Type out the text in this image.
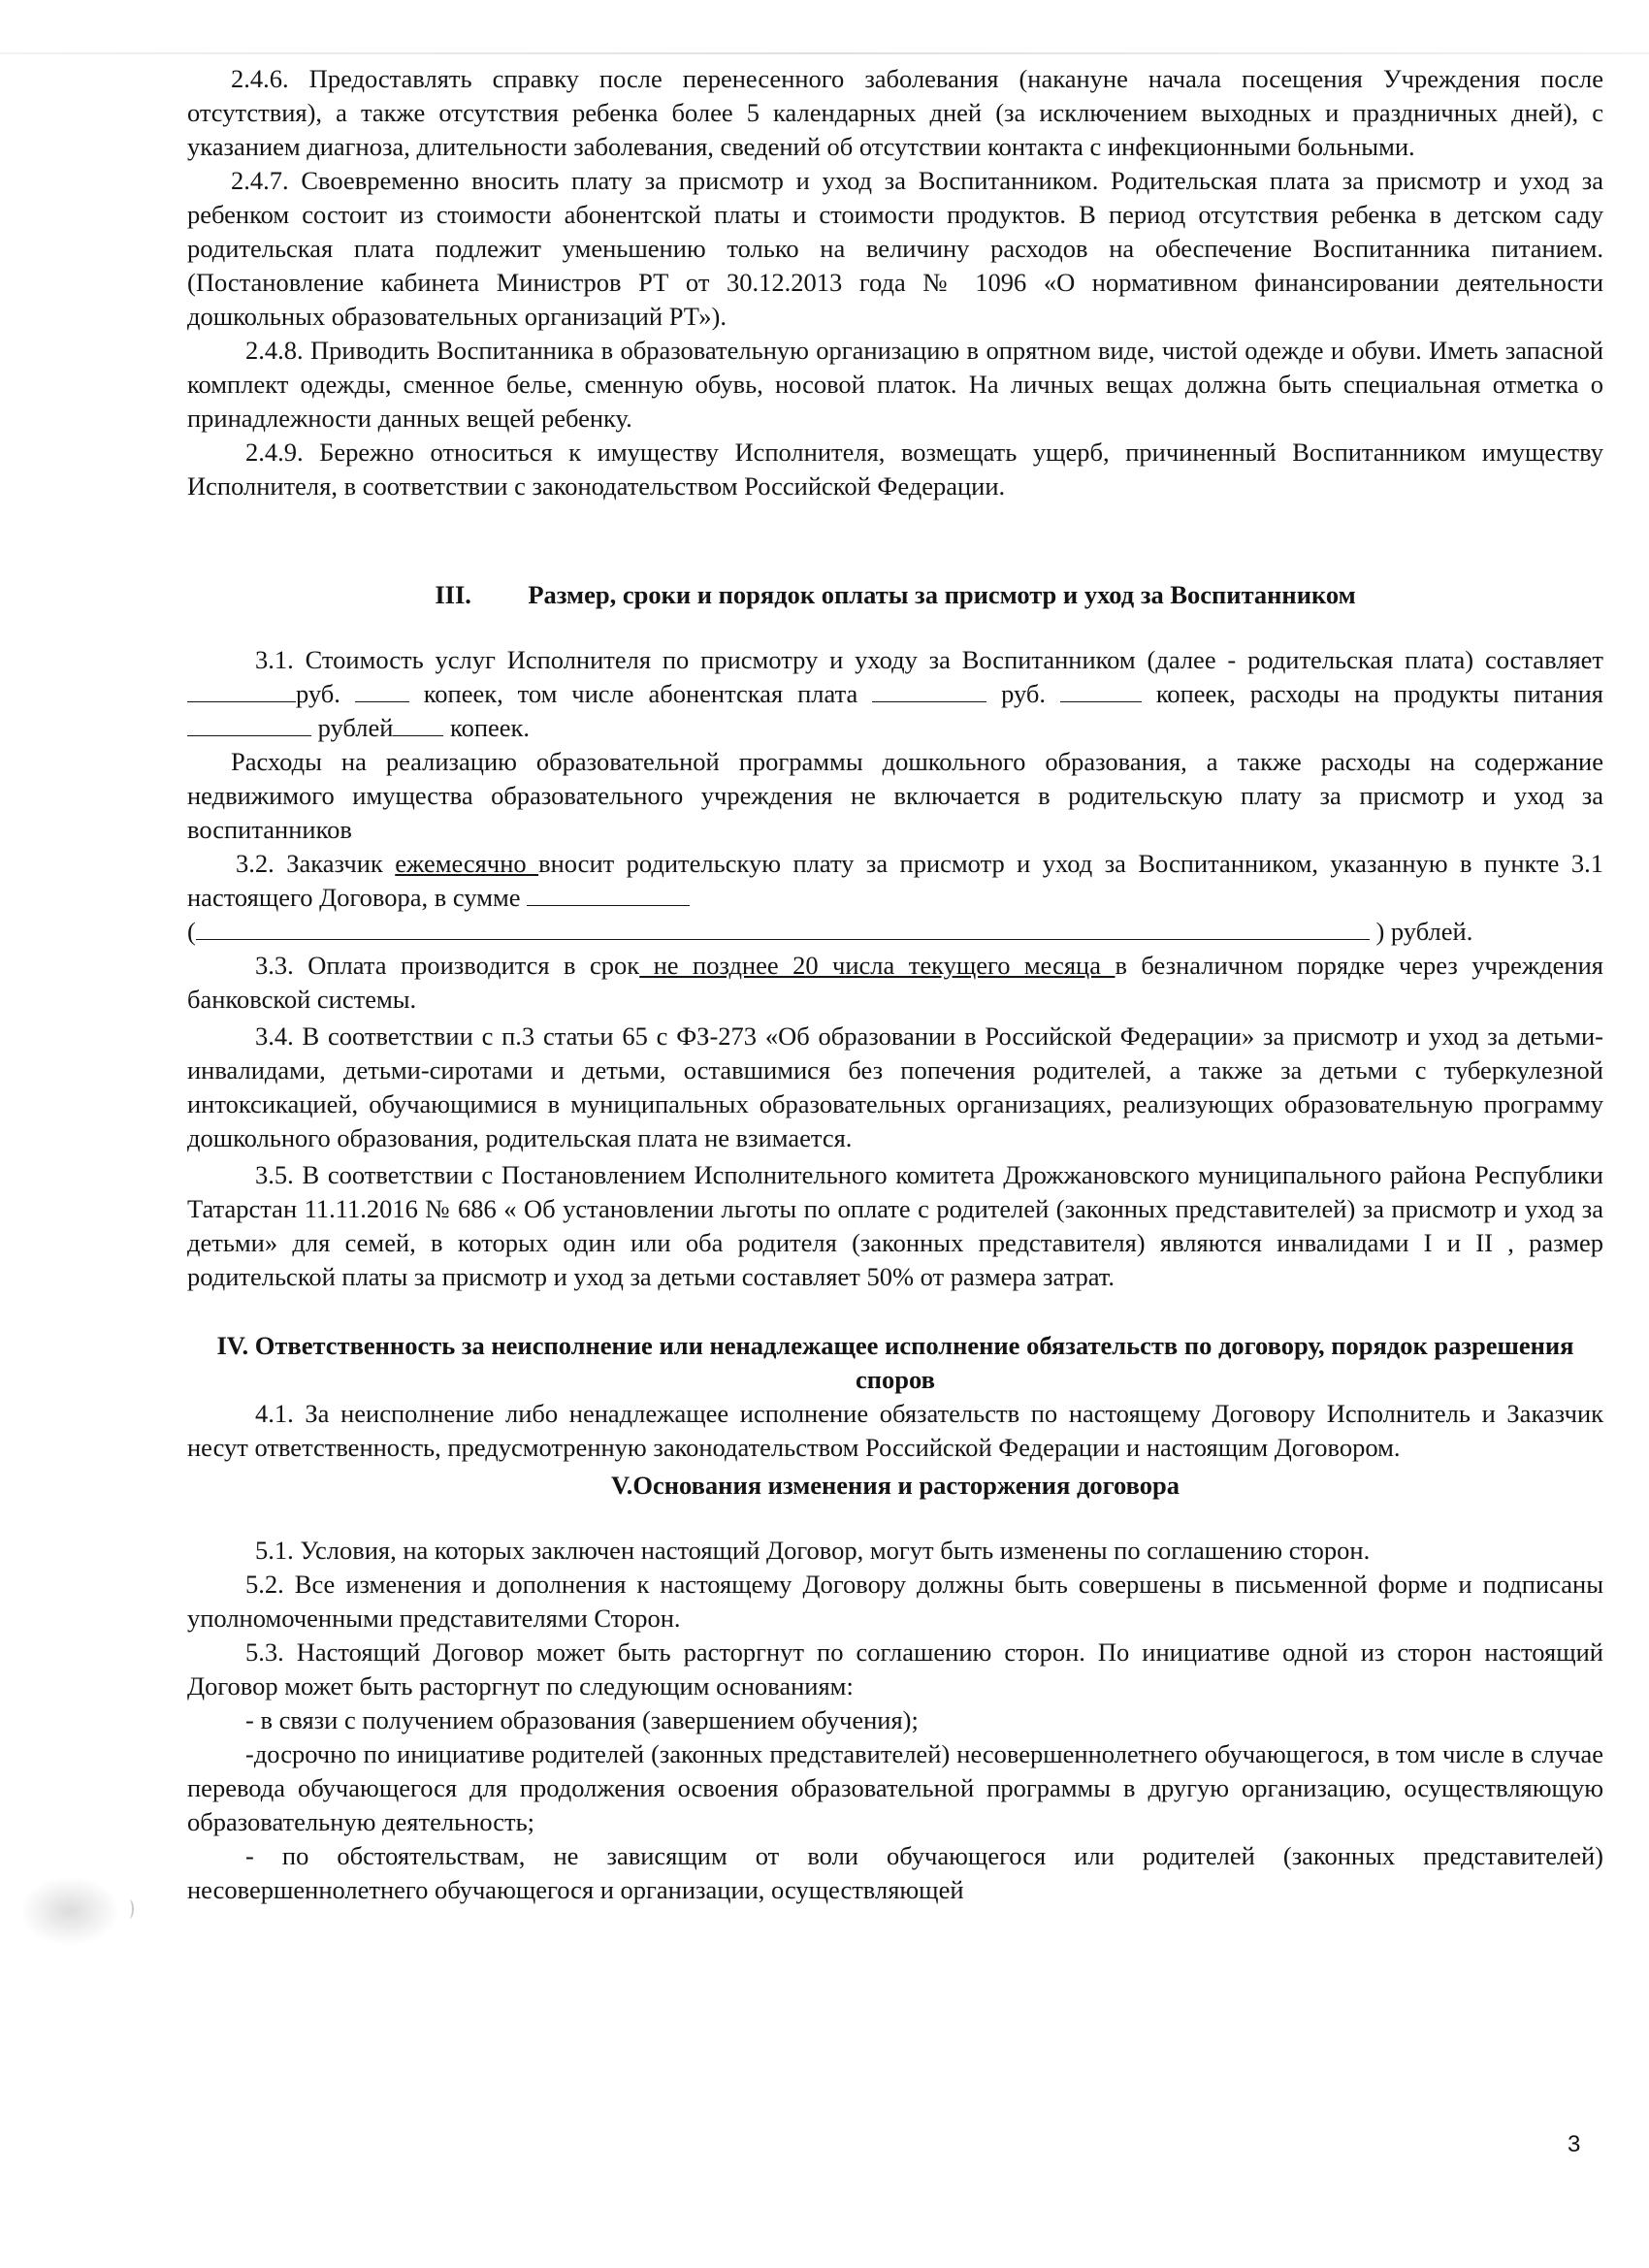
2.4.6. Предоставлять справку после перенесенного заболевания (накануне начала посещения Учреждения после отсутствия), а также отсутствия ребенка более 5 календарных дней (за исключением выходных и праздничных дней), с указанием диагноза, длительности заболевания, сведений об отсутствии контакта с инфекционными больными.

2.4.7. Своевременно вносить плату за присмотр и уход за Воспитанником. Родительская плата за присмотр и уход за ребенком состоит из стоимости абонентской платы и стоимости продуктов. В период отсутствия ребенка в детском саду родительская плата подлежит уменьшению только на величину расходов на обеспечение Воспитанника питанием. (Постановление кабинета Министров РТ от 30.12.2013 года № 1096 «О нормативном финансировании деятельности дошкольных образовательных организаций РТ»).

2.4.8. Приводить Воспитанника в образовательную организацию в опрятном виде, чистой одежде и обуви. Иметь запасной комплект одежды, сменное белье, сменную обувь, носовой платок. На личных вещах должна быть специальная отметка о принадлежности данных вещей ребенку.

2.4.9. Бережно относиться к имуществу Исполнителя, возмещать ущерб, причиненный Воспитанником имуществу Исполнителя, в соответствии с законодательством Российской Федерации.

III. Размер, сроки и порядок оплаты за присмотр и уход за Воспитанником

3.1. Стоимость услуг Исполнителя по присмотру и уходу за Воспитанником (далее - родительская плата) составляет руб.  копеек, том числе абонентская плата	руб.	копеек, расходы на продукты питания  рублей копеек.

Расходы на реализацию образовательной программы дошкольного образования, а также расходы на содержание недвижимого имущества образовательного учреждения не включается в родительскую плату за присмотр и уход за воспитанников

3.2. Заказчик ежемесячно вносит родительскую плату за присмотр и уход за Воспитанником, указанную в пункте 3.1 настоящего Договора, в сумме
(	) рублей.

3.3. Оплата производится в срок не позднее 20 числа текущего месяца в безналичном порядке через учреждения банковской системы.

3.4. В соответствии с п.3 статьи 65 с ФЗ-273 «Об образовании в Российской Федерации» за присмотр и уход за детьми-инвалидами, детьми-сиротами и детьми, оставшимися без попечения родителей, а также за детьми с туберкулезной интоксикацией, обучающимися в муниципальных образовательных организациях, реализующих образовательную программу дошкольного образования, родительская плата не взимается.

3.5. В соответствии с Постановлением Исполнительного комитета Дрожжановского муниципального района Республики Татарстан 11.11.2016 № 686 « Об установлении льготы по оплате с родителей (законных представителей) за присмотр и уход за детьми» для семей, в которых один или оба родителя (законных представителя) являются инвалидами I и II , размер родительской платы за присмотр и уход за детьми составляет 50% от размера затрат.

IV. Ответственность за неисполнение или ненадлежащее исполнение обязательств по договору, порядок разрешения споров

4.1. За неисполнение либо ненадлежащее исполнение обязательств по настоящему Договору Исполнитель и Заказчик несут ответственность, предусмотренную законодательством Российской Федерации и настоящим Договором.

V.Основания изменения и расторжения договора

5.1. Условия, на которых заключен настоящий Договор, могут быть изменены по соглашению сторон.

5.2. Все изменения и дополнения к настоящему Договору должны быть совершены в письменной форме и подписаны уполномоченными представителями Сторон.

5.3. Настоящий Договор может быть расторгнут по соглашению сторон. По инициативе одной из сторон настоящий Договор может быть расторгнут по следующим основаниям:

- в связи с получением образования (завершением обучения);

-досрочно по инициативе родителей (законных представителей) несовершеннолетнего обучающегося, в том числе в случае перевода обучающегося для продолжения освоения образовательной программы в другую организацию, осуществляющую образовательную деятельность;

- по обстоятельствам, не зависящим от воли обучающегося или родителей (законных представителей) несовершеннолетнего обучающегося и организации, осуществляющей

3
